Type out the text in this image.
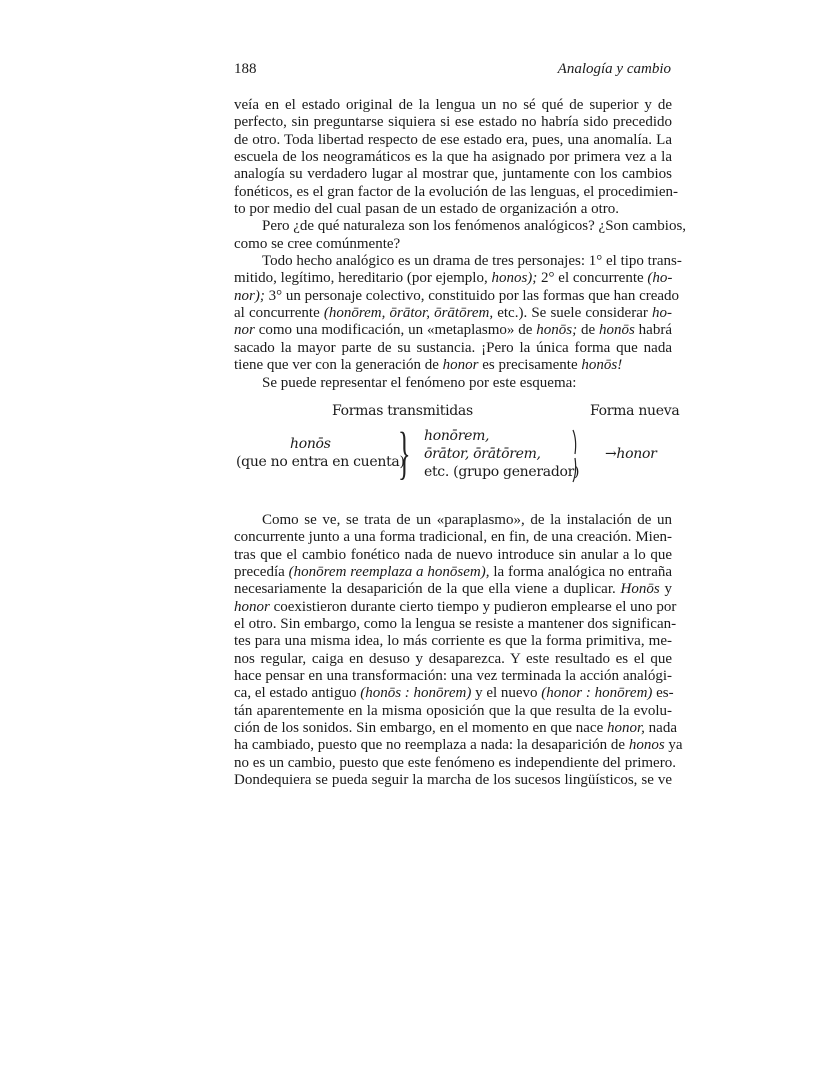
188	Analogía y cambio
veía en el estado original de la lengua un no sé qué de superior y de
perfecto, sin preguntarse siquiera si ese estado no habría sido precedido
de otro. Toda libertad respecto de ese estado era, pues, una anomalía. La
escuela de los neogramáticos es la que ha asignado por primera vez a la
analogía su verdadero lugar al mostrar que, juntamente con los cambios
fonéticos, es el gran factor de la evolución de las lenguas, el procedimien-
to por medio del cual pasan de un estado de organización a otro.
Pero ¿de qué naturaleza son los fenómenos analógicos? ¿Son cambios,
como se cree comúnmente?
Todo hecho analógico es un drama de tres personajes: 1° el tipo trans-
mitido, legítimo, hereditario (por ejemplo, honos); 2° el concurrente (ho-
nor); 3° un personaje colectivo, constituido por las formas que han creado
al concurrente (honōrem, ōrātor, ōrātōrem, etc.). Se suele considerar ho-
nor como una modificación, un «metaplasmo» de honōs; de honōs habrá
sacado la mayor parte de su sustancia. ¡Pero la única forma que nada
tiene que ver con la generación de honor es precisamente honōs!
Se puede representar el fenómeno por este esquema:
Formas transmitidas	Forma nueva
honōs
(que no entra en cuenta)
} honōrem,
ōrātor, ōrātōrem,
etc. (grupo generador)
→honor
Como se ve, se trata de un «paraplasmo», de la instalación de un
concurrente junto a una forma tradicional, en fin, de una creación. Mien-
tras que el cambio fonético nada de nuevo introduce sin anular a lo que
precedía (honōrem reemplaza a honōsem), la forma analógica no entraña
necesariamente la desaparición de la que ella viene a duplicar. Honōs y
honor coexistieron durante cierto tiempo y pudieron emplearse el uno por
el otro. Sin embargo, como la lengua se resiste a mantener dos significan-
tes para una misma idea, lo más corriente es que la forma primitiva, me-
nos regular, caiga en desuso y desaparezca. Y este resultado es el que
hace pensar en una transformación: una vez terminada la acción analógi-
ca, el estado antiguo (honōs : honōrem) y el nuevo (honor : honōrem) es-
tán aparentemente en la misma oposición que la que resulta de la evolu-
ción de los sonidos. Sin embargo, en el momento en que nace honor, nada
ha cambiado, puesto que no reemplaza a nada: la desaparición de honos ya
no es un cambio, puesto que este fenómeno es independiente del primero.
Dondequiera se pueda seguir la marcha de los sucesos lingüísticos, se ve
